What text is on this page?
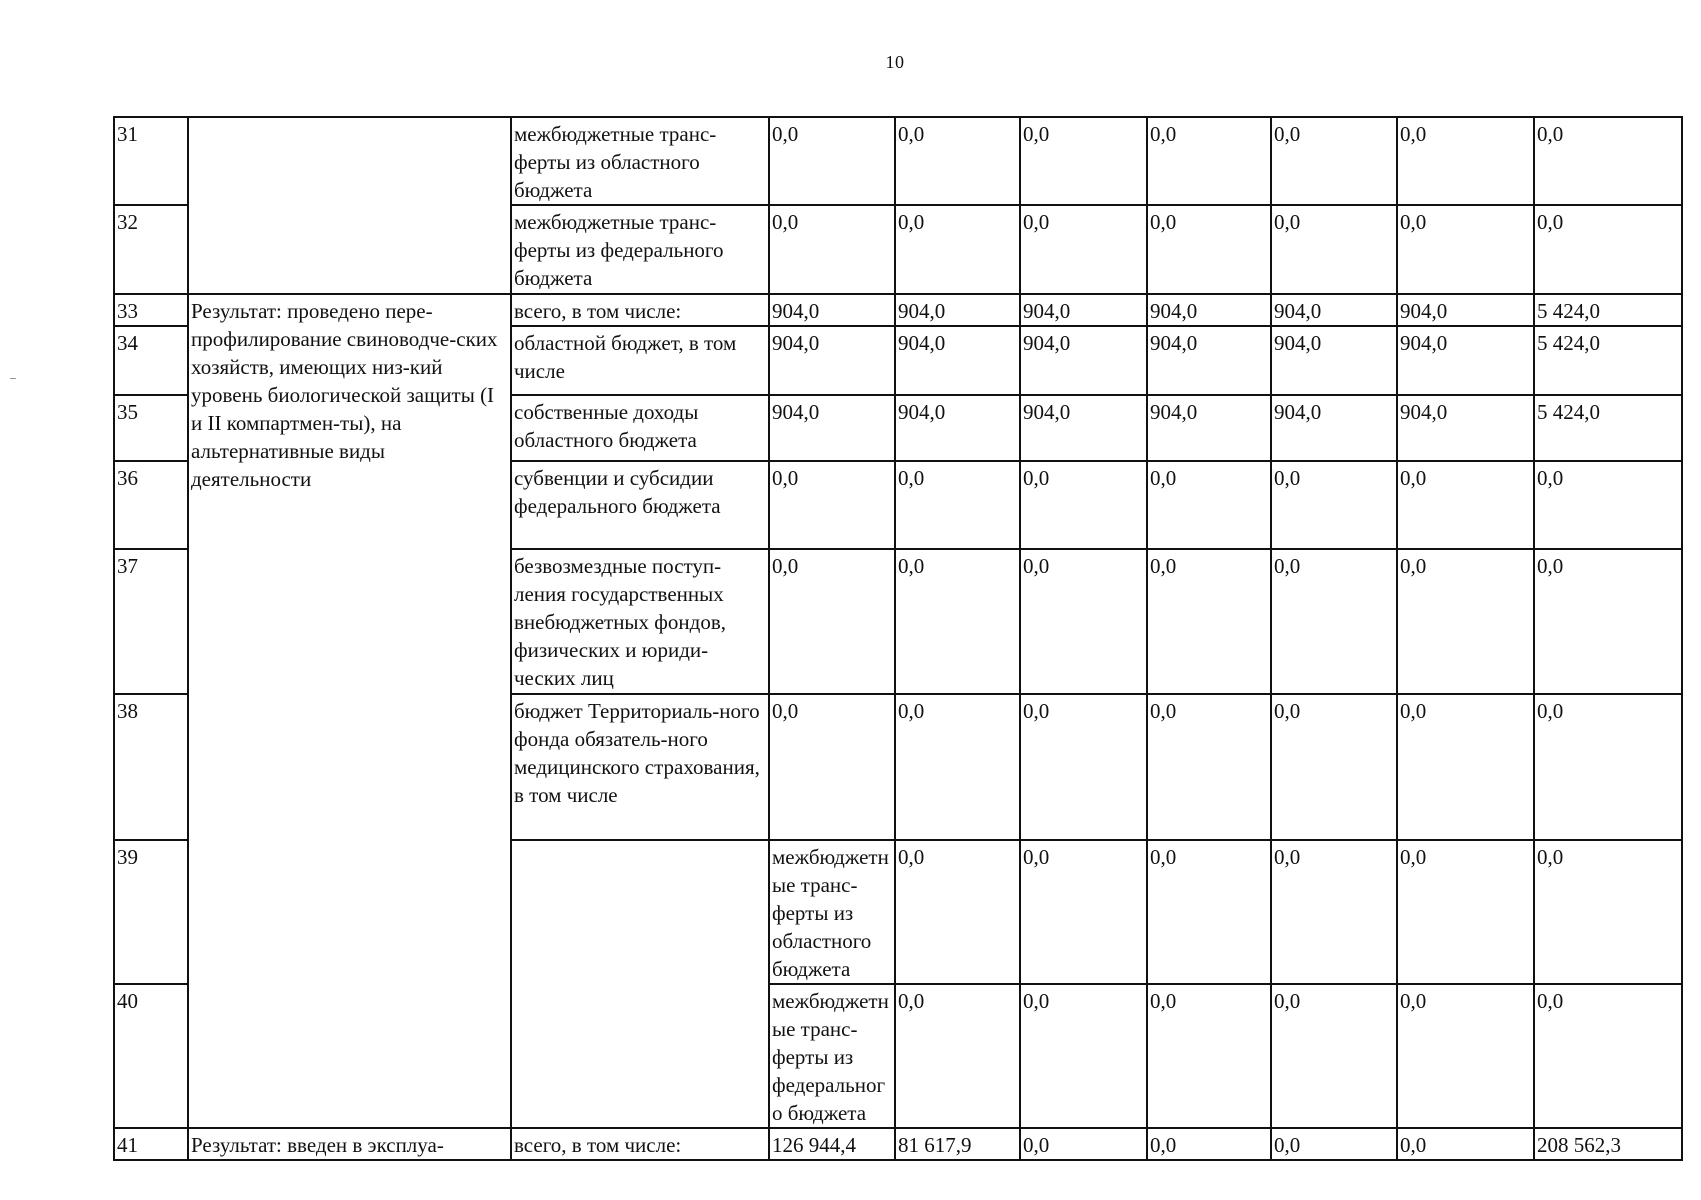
10
31		межбюджетные транс-ферты из областного бюджета	0,0	0,0	0,0	0,0	0,0	0,0	0,0	
32		межбюджетные транс-ферты из федерального бюджета	0,0	0,0	0,0	0,0	0,0	0,0	0,0	
33	Результат: проведено пере-профилирование свиноводче-ских хозяйств, имеющих низ-кий уровень биологической защиты (I и II компартмен-ты), на альтернативные виды деятельности	всего, в том числе:	904,0	904,0	904,0	904,0	904,0	904,0	5 424,0	
34		областной бюджет, в том числе	904,0	904,0	904,0	904,0	904,0	904,0	5 424,0	
35		собственные доходы областного бюджета	904,0	904,0	904,0	904,0	904,0	904,0	5 424,0	
36		субвенции и субсидии федерального бюджета	0,0	0,0	0,0	0,0	0,0	0,0	0,0	
37		безвозмездные поступ-ления государственных внебюджетных фондов, физических и юриди-ческих лиц	0,0	0,0	0,0	0,0	0,0	0,0	0,0	
38		бюджет Территориаль-ного фонда обязатель-ного медицинского страхования, в том числе	0,0	0,0	0,0	0,0	0,0	0,0	0,0	
39			межбюджетные транс-ферты из областного бюджета	0,0	0,0	0,0	0,0	0,0	0,0	
40			межбюджетные транс-ферты из федерального бюджета	0,0	0,0	0,0	0,0	0,0	0,0	
41	Результат: введен в эксплуа-	всего, в том числе:	126 944,4	81 617,9	0,0	0,0	0,0	0,0	208 562,3	
